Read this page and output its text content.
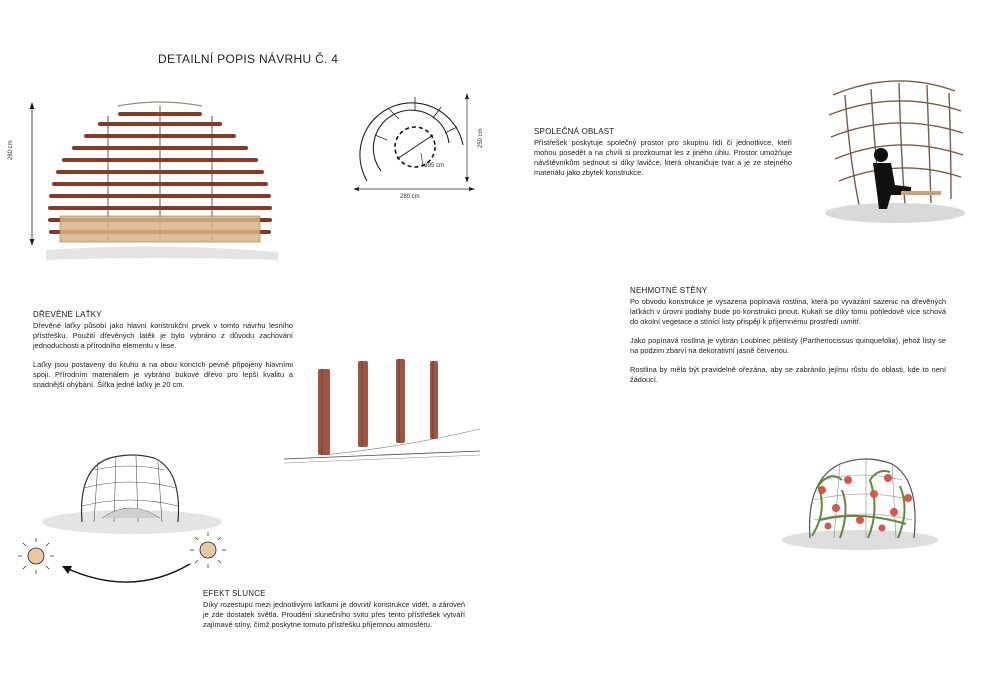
DETAILNÍ POPIS NÁVRHU Č. 4
280 cm
ø95 cm
280 cm
250 cm	SPOLEČNÁ OBLAST

Přístřešek poskytuje společný prostor pro skupinu lidí či jednotlivce, kteří mohou posedět a na chvíli si prozkoumat les z jiného úhlu. Prostor umožňuje návštěvníkům sednout si díky lavičce, která ohraničuje tvar a je ze stejného materiálu jako zbytek konstrukce.

NEHMOTNÉ STĚNY

Po obvodu konstrukce je vysazena popínavá rostlina, která po vyvázání sazenic na dřevěných laťkách v úrovni podlahy bude po konstrukci pnout. Kukaň se díky tomu pohledově více schová do okolní vegetace a stínící listy přispějí k příjemnému prostředí uvnitř.

Jako popínavá rostlina je vybrán Loubinec pětilistý (Parthenocissus quinquefolia), jehož listy se na podzim zbarví na dekorativní jasně červenou.

Rostlina by měla být pravidelně ořezána, aby se zabránilo jejímu růstu do oblasti, kde to není žádoucí.

DŘEVĚNÉ LAŤKY

Dřevěné laťky působí jako hlavní konstrukční prvek v tomto návrhu lesního přístřešku. Použití dřevěných latěk je bylo vybráno z důvodu zachování jednoduchosti a přírodního elementu v lese.

Laťky jsou postaveny do kruhu a na obou koncích pevně připojeny hlavními spoji. Přírodním materiálem je vybráno bukové dřevo pro lepší kvalitu a snadnější ohýbání. Šířka jedné laťky je 20 cm.

EFEKT SLUNCE

Díky rozestupu mezi jednotlivými laťkami je dovnitř konstrukce vidět, a zároveň je zde dostatek světla. Proudění slunečního svitu přes tento přístřešek vytváří zajímavé stíny, čímž poskytne tomuto přístřešku příjemnou atmosféru.
